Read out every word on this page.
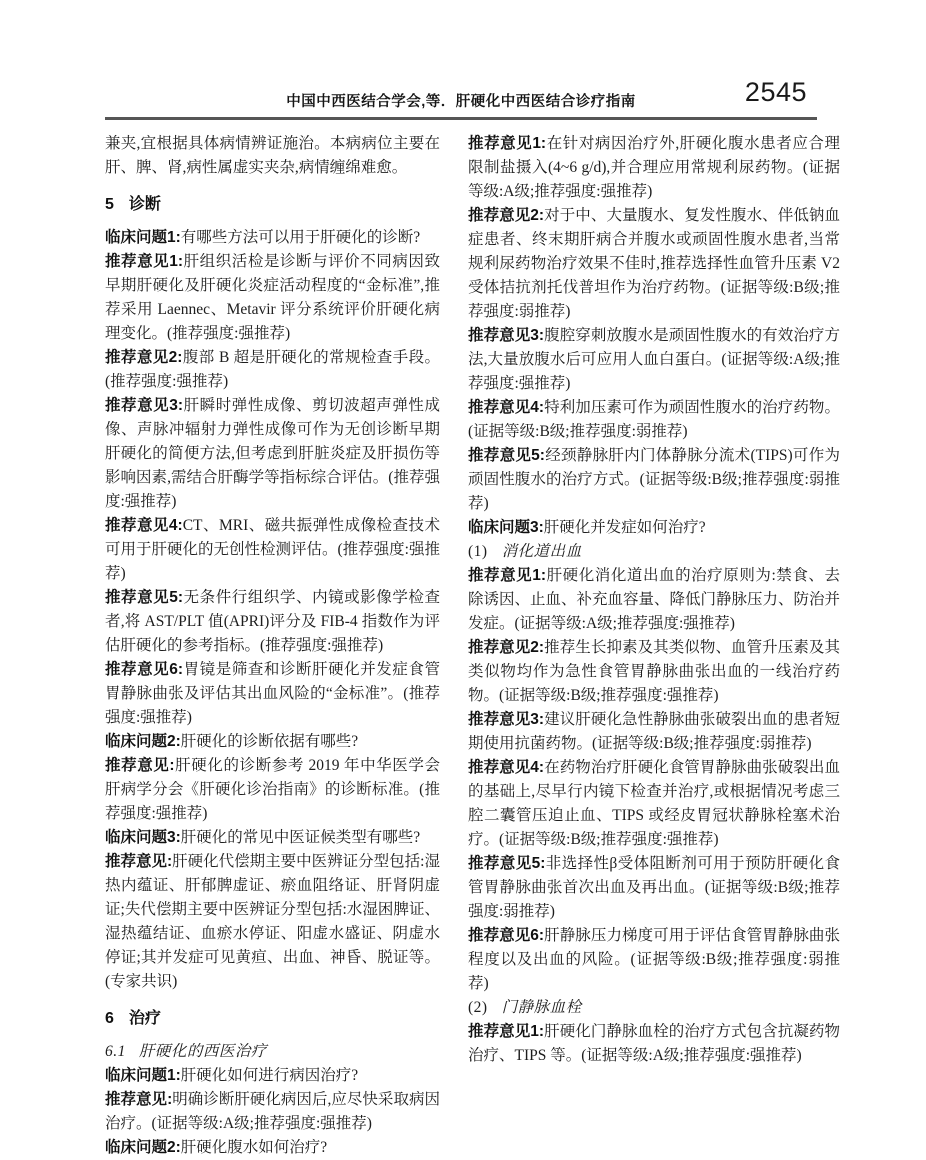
中国中西医结合学会,等．肝硬化中西医结合诊疗指南	2545

兼夹,宜根据具体病情辨证施治。本病病位主要在肝、脾、肾,病性属虚实夹杂,病情缠绵难愈。

5 诊断

临床问题1:有哪些方法可以用于肝硬化的诊断?

推荐意见1:肝组织活检是诊断与评价不同病因致早期肝硬化及肝硬化炎症活动程度的“金标准”,推荐采用 Laennec、Metavir 评分系统评价肝硬化病理变化。(推荐强度:强推荐)

推荐意见2:腹部 B 超是肝硬化的常规检查手段。(推荐强度:强推荐)

推荐意见3:肝瞬时弹性成像、剪切波超声弹性成像、声脉冲辐射力弹性成像可作为无创诊断早期肝硬化的简便方法,但考虑到肝脏炎症及肝损伤等影响因素,需结合肝酶学等指标综合评估。(推荐强度:强推荐)

推荐意见4:CT、MRI、磁共振弹性成像检查技术可用于肝硬化的无创性检测评估。(推荐强度:强推荐)

推荐意见5:无条件行组织学、内镜或影像学检查者,将 AST/PLT 值(APRI)评分及 FIB-4 指数作为评估肝硬化的参考指标。(推荐强度:强推荐)

推荐意见6:胃镜是筛查和诊断肝硬化并发症食管胃静脉曲张及评估其出血风险的“金标准”。(推荐强度:强推荐)

临床问题2:肝硬化的诊断依据有哪些?

推荐意见:肝硬化的诊断参考 2019 年中华医学会肝病学分会《肝硬化诊治指南》的诊断标准。(推荐强度:强推荐)

临床问题3:肝硬化的常见中医证候类型有哪些?

推荐意见:肝硬化代偿期主要中医辨证分型包括:湿热内蕴证、肝郁脾虚证、瘀血阻络证、肝肾阴虚证;失代偿期主要中医辨证分型包括:水湿困脾证、湿热蕴结证、血瘀水停证、阳虚水盛证、阴虚水停证;其并发症可见黄疸、出血、神昏、脱证等。(专家共识)

6 治疗
6.1 肝硬化的西医治疗

临床问题1:肝硬化如何进行病因治疗?

推荐意见:明确诊断肝硬化病因后,应尽快采取病因治疗。(证据等级:A级;推荐强度:强推荐)

临床问题2:肝硬化腹水如何治疗?

推荐意见1:在针对病因治疗外,肝硬化腹水患者应合理限制盐摄入(4~6 g/d),并合理应用常规利尿药物。(证据等级:A级;推荐强度:强推荐)

推荐意见2:对于中、大量腹水、复发性腹水、伴低钠血症患者、终末期肝病合并腹水或顽固性腹水患者,当常规利尿药物治疗效果不佳时,推荐选择性血管升压素 V2 受体拮抗剂托伐普坦作为治疗药物。(证据等级:B级;推荐强度:弱推荐)

推荐意见3:腹腔穿刺放腹水是顽固性腹水的有效治疗方法,大量放腹水后可应用人血白蛋白。(证据等级:A级;推荐强度:强推荐)

推荐意见4:特利加压素可作为顽固性腹水的治疗药物。(证据等级:B级;推荐强度:弱推荐)

推荐意见5:经颈静脉肝内门体静脉分流术(TIPS)可作为顽固性腹水的治疗方式。(证据等级:B级;推荐强度:弱推荐)

临床问题3:肝硬化并发症如何治疗?

(1) 消化道出血

推荐意见1:肝硬化消化道出血的治疗原则为:禁食、去除诱因、止血、补充血容量、降低门静脉压力、防治并发症。(证据等级:A级;推荐强度:强推荐)

推荐意见2:推荐生长抑素及其类似物、血管升压素及其类似物均作为急性食管胃静脉曲张出血的一线治疗药物。(证据等级:B级;推荐强度:强推荐)

推荐意见3:建议肝硬化急性静脉曲张破裂出血的患者短期使用抗菌药物。(证据等级:B级;推荐强度:弱推荐)

推荐意见4:在药物治疗肝硬化食管胃静脉曲张破裂出血的基础上,尽早行内镜下检查并治疗,或根据情况考虑三腔二囊管压迫止血、TIPS 或经皮胃冠状静脉栓塞术治疗。(证据等级:B级;推荐强度:强推荐)

推荐意见5:非选择性β受体阻断剂可用于预防肝硬化食管胃静脉曲张首次出血及再出血。(证据等级:B级;推荐强度:弱推荐)

推荐意见6:肝静脉压力梯度可用于评估食管胃静脉曲张程度以及出血的风险。(证据等级:B级;推荐强度:弱推荐)

(2) 门静脉血栓

推荐意见1:肝硬化门静脉血栓的治疗方式包含抗凝药物治疗、TIPS 等。(证据等级:A级;推荐强度:强推荐)
